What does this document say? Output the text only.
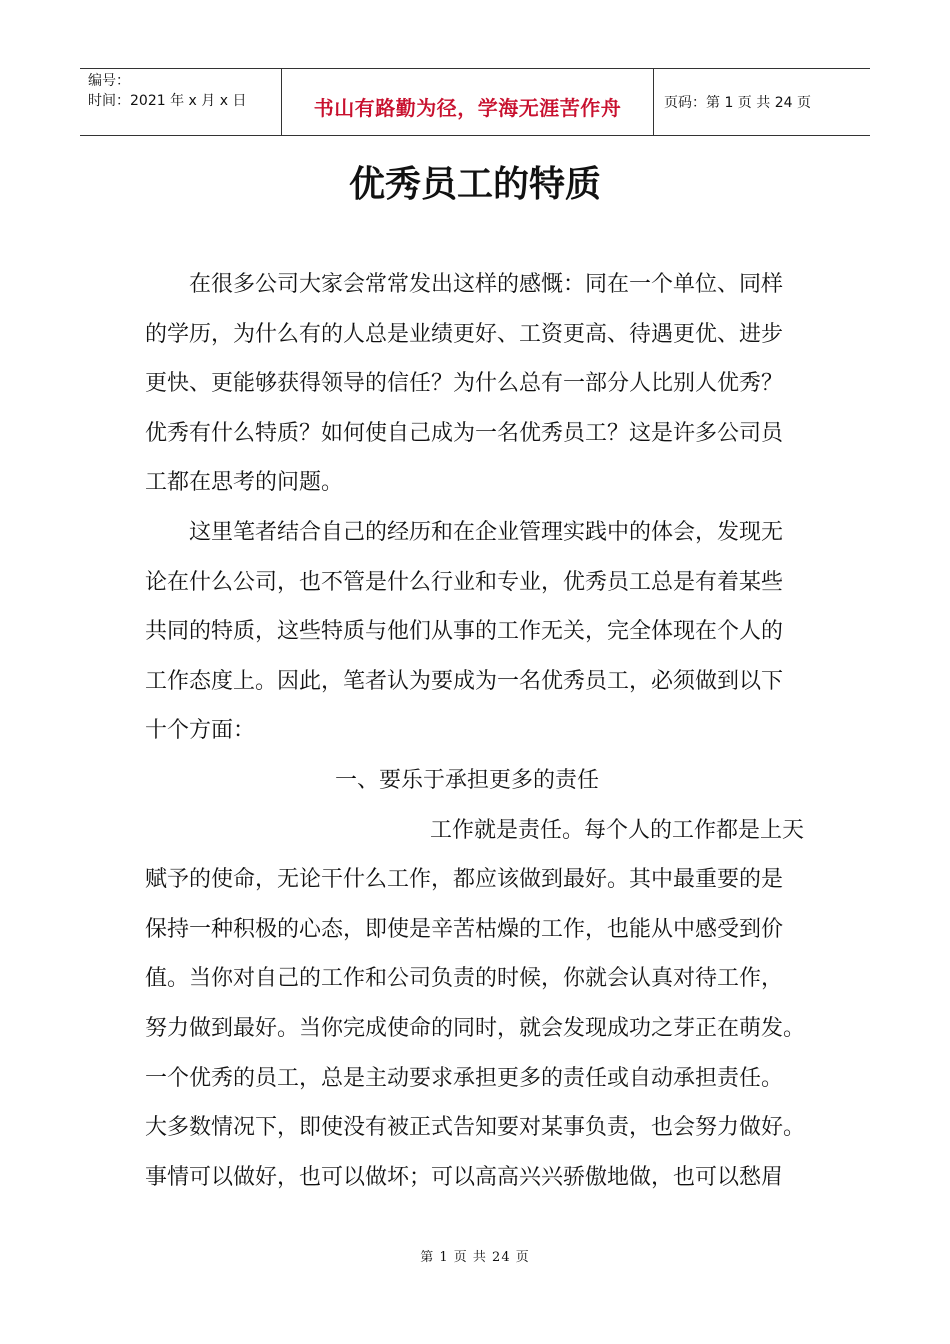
编号：
时间：2021 年 x 月 x 日	书山有路勤为径，学海无涯苦作舟	页码：第 1 页 共 24 页
优秀员工的特质
在很多公司大家会常常发出这样的感慨：同在一个单位、同样
的学历，为什么有的人总是业绩更好、工资更高、待遇更优、进步
更快、更能够获得领导的信任？为什么总有一部分人比别人优秀？
优秀有什么特质？如何使自己成为一名优秀员工？这是许多公司员
工都在思考的问题。
这里笔者结合自己的经历和在企业管理实践中的体会，发现无
论在什么公司，也不管是什么行业和专业，优秀员工总是有着某些
共同的特质，这些特质与他们从事的工作无关，完全体现在个人的
工作态度上。因此，笔者认为要成为一名优秀员工，必须做到以下
十个方面：
一、要乐于承担更多的责任
工作就是责任。每个人的工作都是上天
赋予的使命，无论干什么工作，都应该做到最好。其中最重要的是
保持一种积极的心态，即使是辛苦枯燥的工作，也能从中感受到价
值。当你对自己的工作和公司负责的时候，你就会认真对待工作，
努力做到最好。当你完成使命的同时，就会发现成功之芽正在萌发。
一个优秀的员工，总是主动要求承担更多的责任或自动承担责任。
大多数情况下，即使没有被正式告知要对某事负责，也会努力做好。
事情可以做好，也可以做坏；可以高高兴兴骄傲地做，也可以愁眉
第 1 页 共 24 页
